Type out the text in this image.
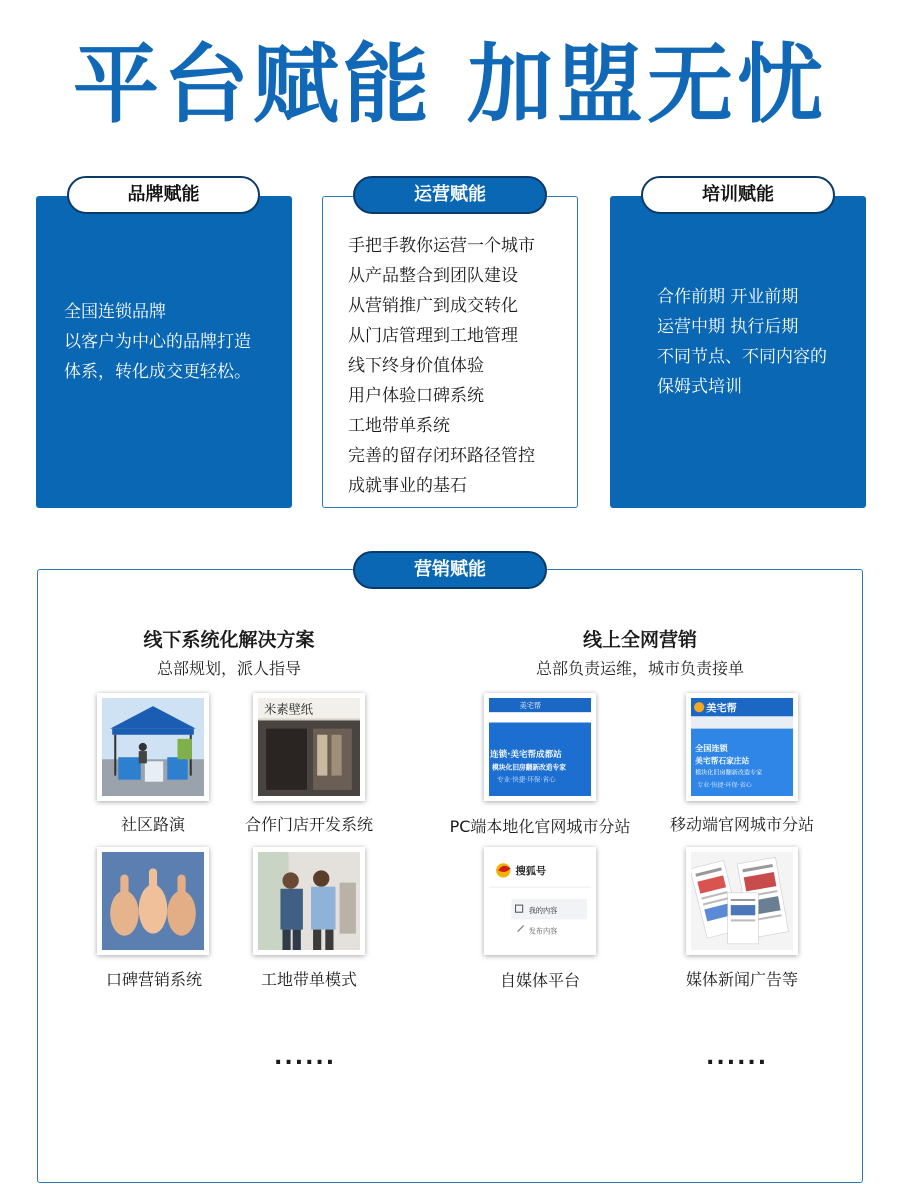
平台赋能 加盟无忧
全国连锁品牌
以客户为中心的品牌打造
体系，转化成交更轻松。
品牌赋能
手把手教你运营一个城市
从产品整合到团队建设
从营销推广到成交转化
从门店管理到工地管理
线下终身价值体验
用户体验口碑系统
工地带单系统
完善的留存闭环路径管控
成就事业的基石
运营赋能
合作前期 开业前期
运营中期 执行后期
不同节点、不同内容的
保姆式培训
培训赋能
营销赋能
线下系统化解决方案
总部规划，派人指导
线上全网营销
总部负责运维，城市负责接单
社区路演
米素壁纸
合作门店开发系统
口碑营销系统	工地带单模式
美宅帮
连锁·美宅帮成都站
模块化旧房翻新改造专家
专业·快捷·环保·省心
PC端本地化官网城市分站
美宅帮
全国连锁
美宅帮石家庄站
模块化旧房翻新改造专家
专业·快捷·环保·省心
移动端官网城市分站
搜狐号
我的内容
发布内容
自媒体平台	媒体新闻广告等
......	......
